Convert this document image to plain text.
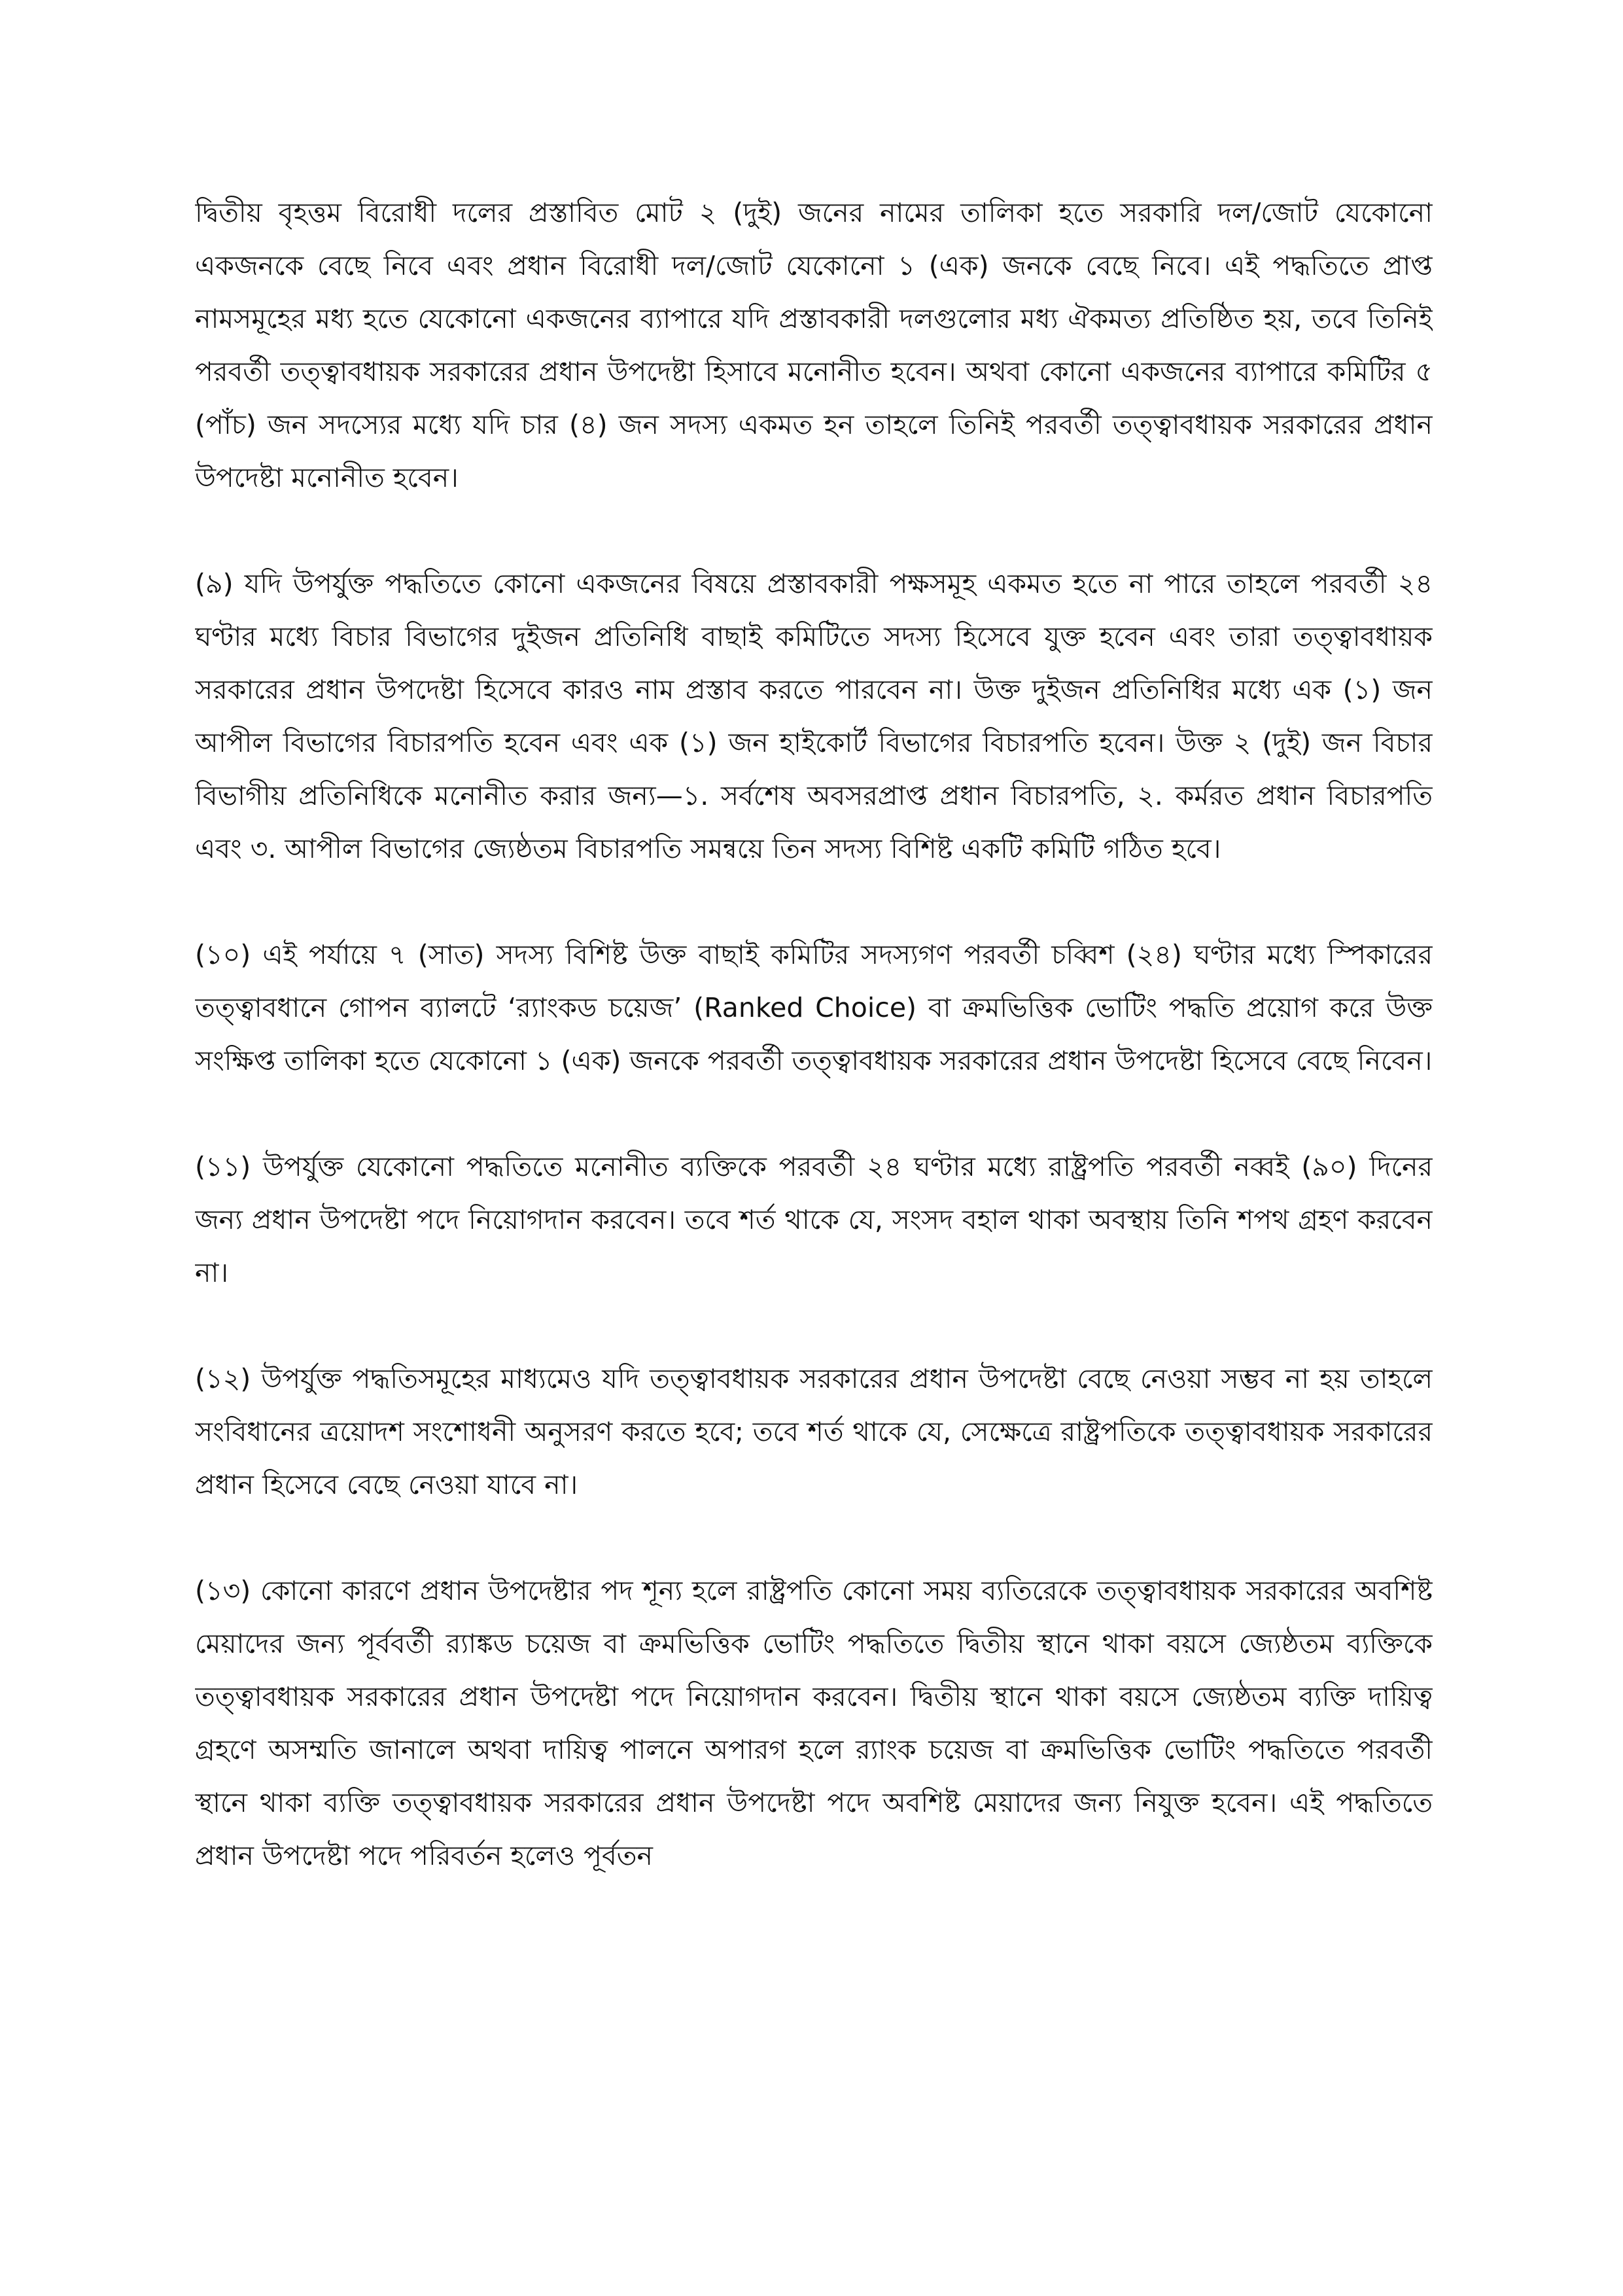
দ্বিতীয় বৃহত্তম বিরোধী দলের প্রস্তাবিত মোট ২ (দুই) জনের নামের তালিকা হতে সরকারি দল/জোট যেকোনো একজনকে বেছে নিবে এবং প্রধান বিরোধী দল/জোট যেকোনো ১ (এক) জনকে বেছে নিবে। এই পদ্ধতিতে প্রাপ্ত নামসমূহের মধ্য হতে যেকোনো একজনের ব্যাপারে যদি প্রস্তাবকারী দলগুলোর মধ্য ঐকমত্য প্রতিষ্ঠিত হয়, তবে তিনিই পরবর্তী তত্ত্বাবধায়ক সরকারের প্রধান উপদেষ্টা হিসাবে মনোনীত হবেন। অথবা কোনো একজনের ব্যাপারে কমিটির ৫ (পাঁচ) জন সদস্যের মধ্যে যদি চার (৪) জন সদস্য একমত হন তাহলে তিনিই পরবর্তী তত্ত্বাবধায়ক সরকারের প্রধান উপদেষ্টা মনোনীত হবেন।

(৯) যদি উপর্যুক্ত পদ্ধতিতে কোনো একজনের বিষয়ে প্রস্তাবকারী পক্ষসমূহ একমত হতে না পারে তাহলে পরবর্তী ২৪ ঘণ্টার মধ্যে বিচার বিভাগের দুইজন প্রতিনিধি বাছাই কমিটিতে সদস্য হিসেবে যুক্ত হবেন এবং তারা তত্ত্বাবধায়ক সরকারের প্রধান উপদেষ্টা হিসেবে কারও নাম প্রস্তাব করতে পারবেন না। উক্ত দুইজন প্রতিনিধির মধ্যে এক (১) জন আপীল বিভাগের বিচারপতি হবেন এবং এক (১) জন হাইকোর্ট বিভাগের বিচারপতি হবেন। উক্ত ২ (দুই) জন বিচার বিভাগীয় প্রতিনিধিকে মনোনীত করার জন্য—১. সর্বশেষ অবসরপ্রাপ্ত প্রধান বিচারপতি, ২. কর্মরত প্রধান বিচারপতি এবং ৩. আপীল বিভাগের জ্যেষ্ঠতম বিচারপতি সমন্বয়ে তিন সদস্য বিশিষ্ট একটি কমিটি গঠিত হবে।

(১০) এই পর্যায়ে ৭ (সাত) সদস্য বিশিষ্ট উক্ত বাছাই কমিটির সদস্যগণ পরবর্তী চব্বিশ (২৪) ঘণ্টার মধ্যে স্পিকারের তত্ত্বাবধানে গোপন ব্যালটে ‘র‍্যাংকড চয়েজ’ (Ranked Choice) বা ক্রমভিত্তিক ভোটিং পদ্ধতি প্রয়োগ করে উক্ত সংক্ষিপ্ত তালিকা হতে যেকোনো ১ (এক) জনকে পরবর্তী তত্ত্বাবধায়ক সরকারের প্রধান উপদেষ্টা হিসেবে বেছে নিবেন।

(১১) উপর্যুক্ত যেকোনো পদ্ধতিতে মনোনীত ব্যক্তিকে পরবর্তী ২৪ ঘণ্টার মধ্যে রাষ্ট্রপতি পরবর্তী নব্বই (৯০) দিনের জন্য প্রধান উপদেষ্টা পদে নিয়োগদান করবেন। তবে শর্ত থাকে যে, সংসদ বহাল থাকা অবস্থায় তিনি শপথ গ্রহণ করবেন না।

(১২) উপর্যুক্ত পদ্ধতিসমূহের মাধ্যমেও যদি তত্ত্বাবধায়ক সরকারের প্রধান উপদেষ্টা বেছে নেওয়া সম্ভব না হয় তাহলে সংবিধানের ত্রয়োদশ সংশোধনী অনুসরণ করতে হবে; তবে শর্ত থাকে যে, সেক্ষেত্রে রাষ্ট্রপতিকে তত্ত্বাবধায়ক সরকারের প্রধান হিসেবে বেছে নেওয়া যাবে না।

(১৩) কোনো কারণে প্রধান উপদেষ্টার পদ শূন্য হলে রাষ্ট্রপতি কোনো সময় ব্যতিরেকে তত্ত্বাবধায়ক সরকারের অবশিষ্ট মেয়াদের জন্য পূর্ববর্তী র‍্যাঙ্কড চয়েজ বা ক্রমভিত্তিক ভোটিং পদ্ধতিতে দ্বিতীয় স্থানে থাকা বয়সে জ্যেষ্ঠতম ব্যক্তিকে তত্ত্বাবধায়ক সরকারের প্রধান উপদেষ্টা পদে নিয়োগদান করবেন। দ্বিতীয় স্থানে থাকা বয়সে জ্যেষ্ঠতম ব্যক্তি দায়িত্ব গ্রহণে অসম্মতি জানালে অথবা দায়িত্ব পালনে অপারগ হলে র‍্যাংক চয়েজ বা ক্রমভিত্তিক ভোটিং পদ্ধতিতে পরবর্তী স্থানে থাকা ব্যক্তি তত্ত্বাবধায়ক সরকারের প্রধান উপদেষ্টা পদে অবশিষ্ট মেয়াদের জন্য নিযুক্ত হবেন। এই পদ্ধতিতে প্রধান উপদেষ্টা পদে পরিবর্তন হলেও পূর্বতন
